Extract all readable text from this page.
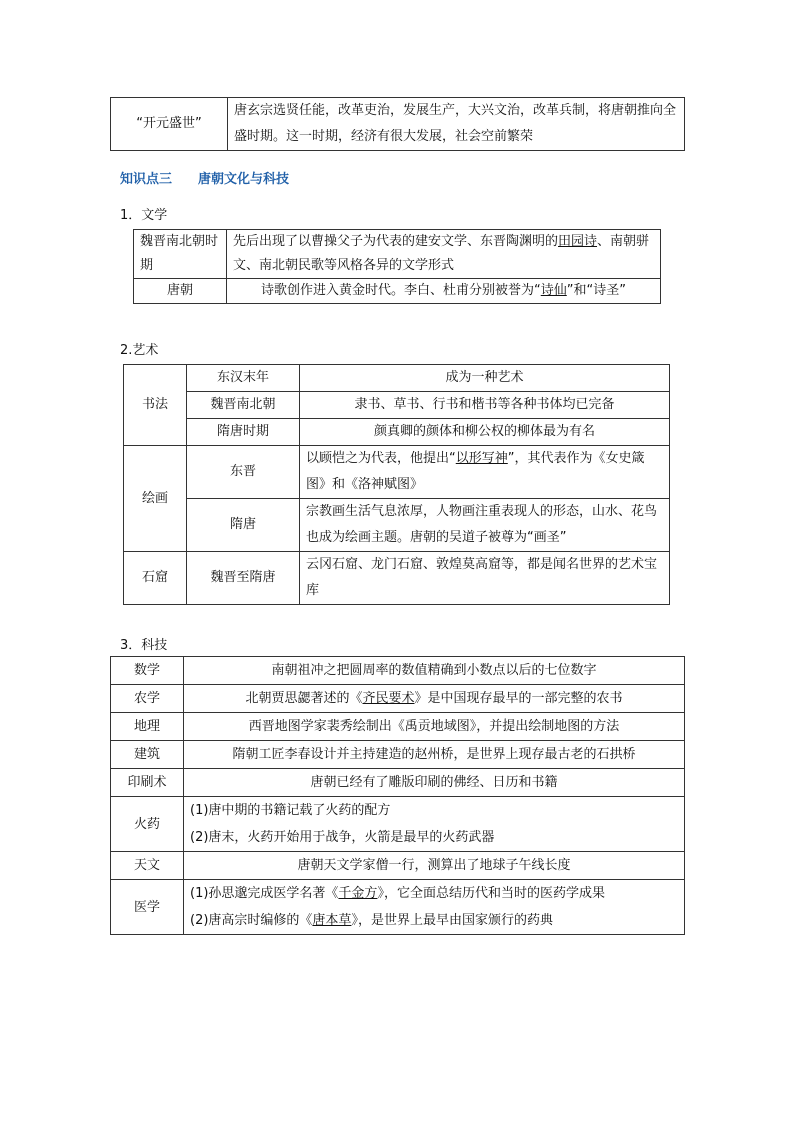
“开元盛世”	唐玄宗选贤任能，改革吏治，发展生产，大兴文治，改革兵制，将唐朝推向全盛时期。这一时期，经济有很大发展，社会空前繁荣
知识点三 唐朝文化与科技
1．文学
魏晋南北朝时期	先后出现了以曹操父子为代表的建安文学、东晋陶渊明的田园诗、南朝骈文、南北朝民歌等风格各异的文学形式
唐朝	诗歌创作进入黄金时代。李白、杜甫分别被誉为“诗仙”和“诗圣”
2.艺术
书法	东汉末年	成为一种艺术
	魏晋南北朝	隶书、草书、行书和楷书等各种书体均已完备
	隋唐时期	颜真卿的颜体和柳公权的柳体最为有名
绘画	东晋	以顾恺之为代表，他提出“以形写神”，其代表作为《女史箴图》和《洛神赋图》
	隋唐	宗教画生活气息浓厚，人物画注重表现人的形态，山水、花鸟也成为绘画主题。唐朝的吴道子被尊为“画圣”
石窟	魏晋至隋唐	云冈石窟、龙门石窟、敦煌莫高窟等，都是闻名世界的艺术宝库
3．科技
数学	南朝祖冲之把圆周率的数值精确到小数点以后的七位数字
农学	北朝贾思勰著述的《齐民要术》是中国现存最早的一部完整的农书
地理	西晋地图学家裴秀绘制出《禹贡地域图》，并提出绘制地图的方法
建筑	隋朝工匠李春设计并主持建造的赵州桥，是世界上现存最古老的石拱桥
印刷术	唐朝已经有了雕版印刷的佛经、日历和书籍
火药	(1)唐中期的书籍记载了火药的配方
(2)唐末，火药开始用于战争，火箭是最早的火药武器

天文	唐朝天文学家僧一行，测算出了地球子午线长度
医学	(1)孙思邈完成医学名著《千金方》，它全面总结历代和当时的医药学成果
(2)唐高宗时编修的《唐本草》，是世界上最早由国家颁行的药典
